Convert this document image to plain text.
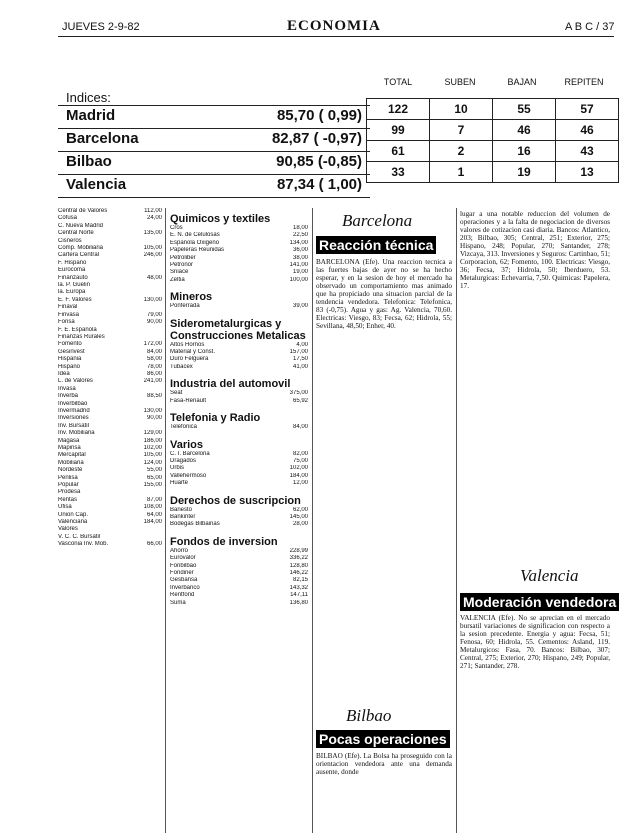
JUEVES 2-9-82	ECONOMIA	A B C / 37
Indices:
Madrid	85,70 ( 0,99)
Barcelona	82,87 ( -0,97)
Bilbao	90,85 (-0,85)
Valencia	87,34 ( 1,00)
TOTAL	SUBEN	BAJAN	REPITEN
122	10	55	57
99	7	46	46
61	2	16	43
33	1	19	13
Central de Valores	112,00
Cofusa	24,00
C. Nueva Madrid
Central Norte	135,00
Cisneros
Comp. Mobiliaria	105,00
Cartera Central	246,00
F. Hispano
Eurocoma
Finanzauto	48,00
la. P. Guelin
la. Europa
E. F. Valores	130,00
Finaval
Finvasa	79,00
Fonsa	90,00
F. E. Espanola
Finanzas Rurales
Fomento	172,00
Gesinvest	84,00
Hispania	58,00
Hispano	78,00
Idea	86,00
L. de Valores	241,00
Invasa
Inverba	88,50
Inverbilbao
Invermadrid	130,00
Inversiones	90,00
Inv. Bursatil
Inv. Mobiliaria	129,00
Magasa	186,00
Mapinsa	102,00
Mercapital	105,00
Mobiliaria	124,00
Nordeste	55,00
Penlisa	65,00
Popular	155,00
Prodesa
Rentas	87,00
Ufisa	108,00
Union Cap.	64,00
Valenciana	184,00
Valores
V. C. C. Bursatil
Vasconia Inv. Mob.	66,00
Quimicos y textiles
Cros	18,00
E. N. de Celulosas	22,50
Espanola Oxigeno	134,00
Papeleras Reunidas	36,00
Petroliber	38,00
Petronor	141,00
Sniace	19,00
Zeltia	100,00
Mineros
Ponferrada	39,00
Siderometalurgicas y Construcciones Metalicas
Altos Hornos	4,00
Material y Const.	157,00
Duro Felguera	17,50
Tubacex	41,00
Industria del automovil
Seat	375,00
Fasa-Renault	65,92
Telefonia y Radio
Telefonica	84,00
Varios
C. I. Barcelona	82,00
Dragados	75,00
Urbis	102,00
Vallehermoso	184,00
Huarte	12,00
Derechos de suscripcion
Banesto	62,00
Bankinter	145,00
Bodegas Bilbainas	28,00
Fondos de inversion
Ahorro	228,99
Eurovalor	336,22
Fonbilbao	128,80
Fondiner	146,22
Gesbansa	82,15
Inverbanco	143,32
Rentfond	147,11
Suma	136,80
Barcelona
Reacción técnica
BARCELONA (Efe). Una reaccion tecnica a las fuertes bajas de ayer no se ha hecho esperar, y en la sesion de hoy el mercado ha observado un comportamiento mas animado que ha propiciado una situacion parcial de la tendencia vendedora. Telefonica: Telefonica, 83 (-0,75). Agua y gas: Ag. Valencia, 70,60. Electricas: Viesgo, 83; Fecsa, 62; Hidrola, 55; Sevillana, 48,50; Enher, 40.
Bilbao
Pocas operaciones
BILBAO (Efe). La Bolsa ha proseguido con la orientacion vendedora ante una demanda ausente, donde
lugar a una notable reduccion del volumen de operaciones y a la falta de negociacion de diversos valores de cotizacion casi diaria. Bancos: Atlantico, 203; Bilbao, 305; Central, 251; Exterior, 275; Hispano, 248; Popular, 270; Santander, 278; Vizcaya, 313. Inversiones y Seguros: Cartinbao, 51; Corporacion, 62; Fomento, 100. Electricas: Viesgo, 36; Fecsa, 37; Hidrola, 50; Iberduero, 53. Metalurgicas: Echevarria, 7,50. Quimicas: Papelera, 17.
Valencia
Moderación vendedora
VALENCIA (Efe). No se aprecian en el mercado bursatil variaciones de significacion con respecto a la sesion precedente. Energia y agua: Fecsa, 51; Fenosa, 60; Hidrola, 55. Cementos: Asland, 119. Metalurgicos: Fasa, 70. Bancos: Bilbao, 307; Central, 275; Exterior, 270; Hispano, 249; Popular, 271; Santander, 278.
